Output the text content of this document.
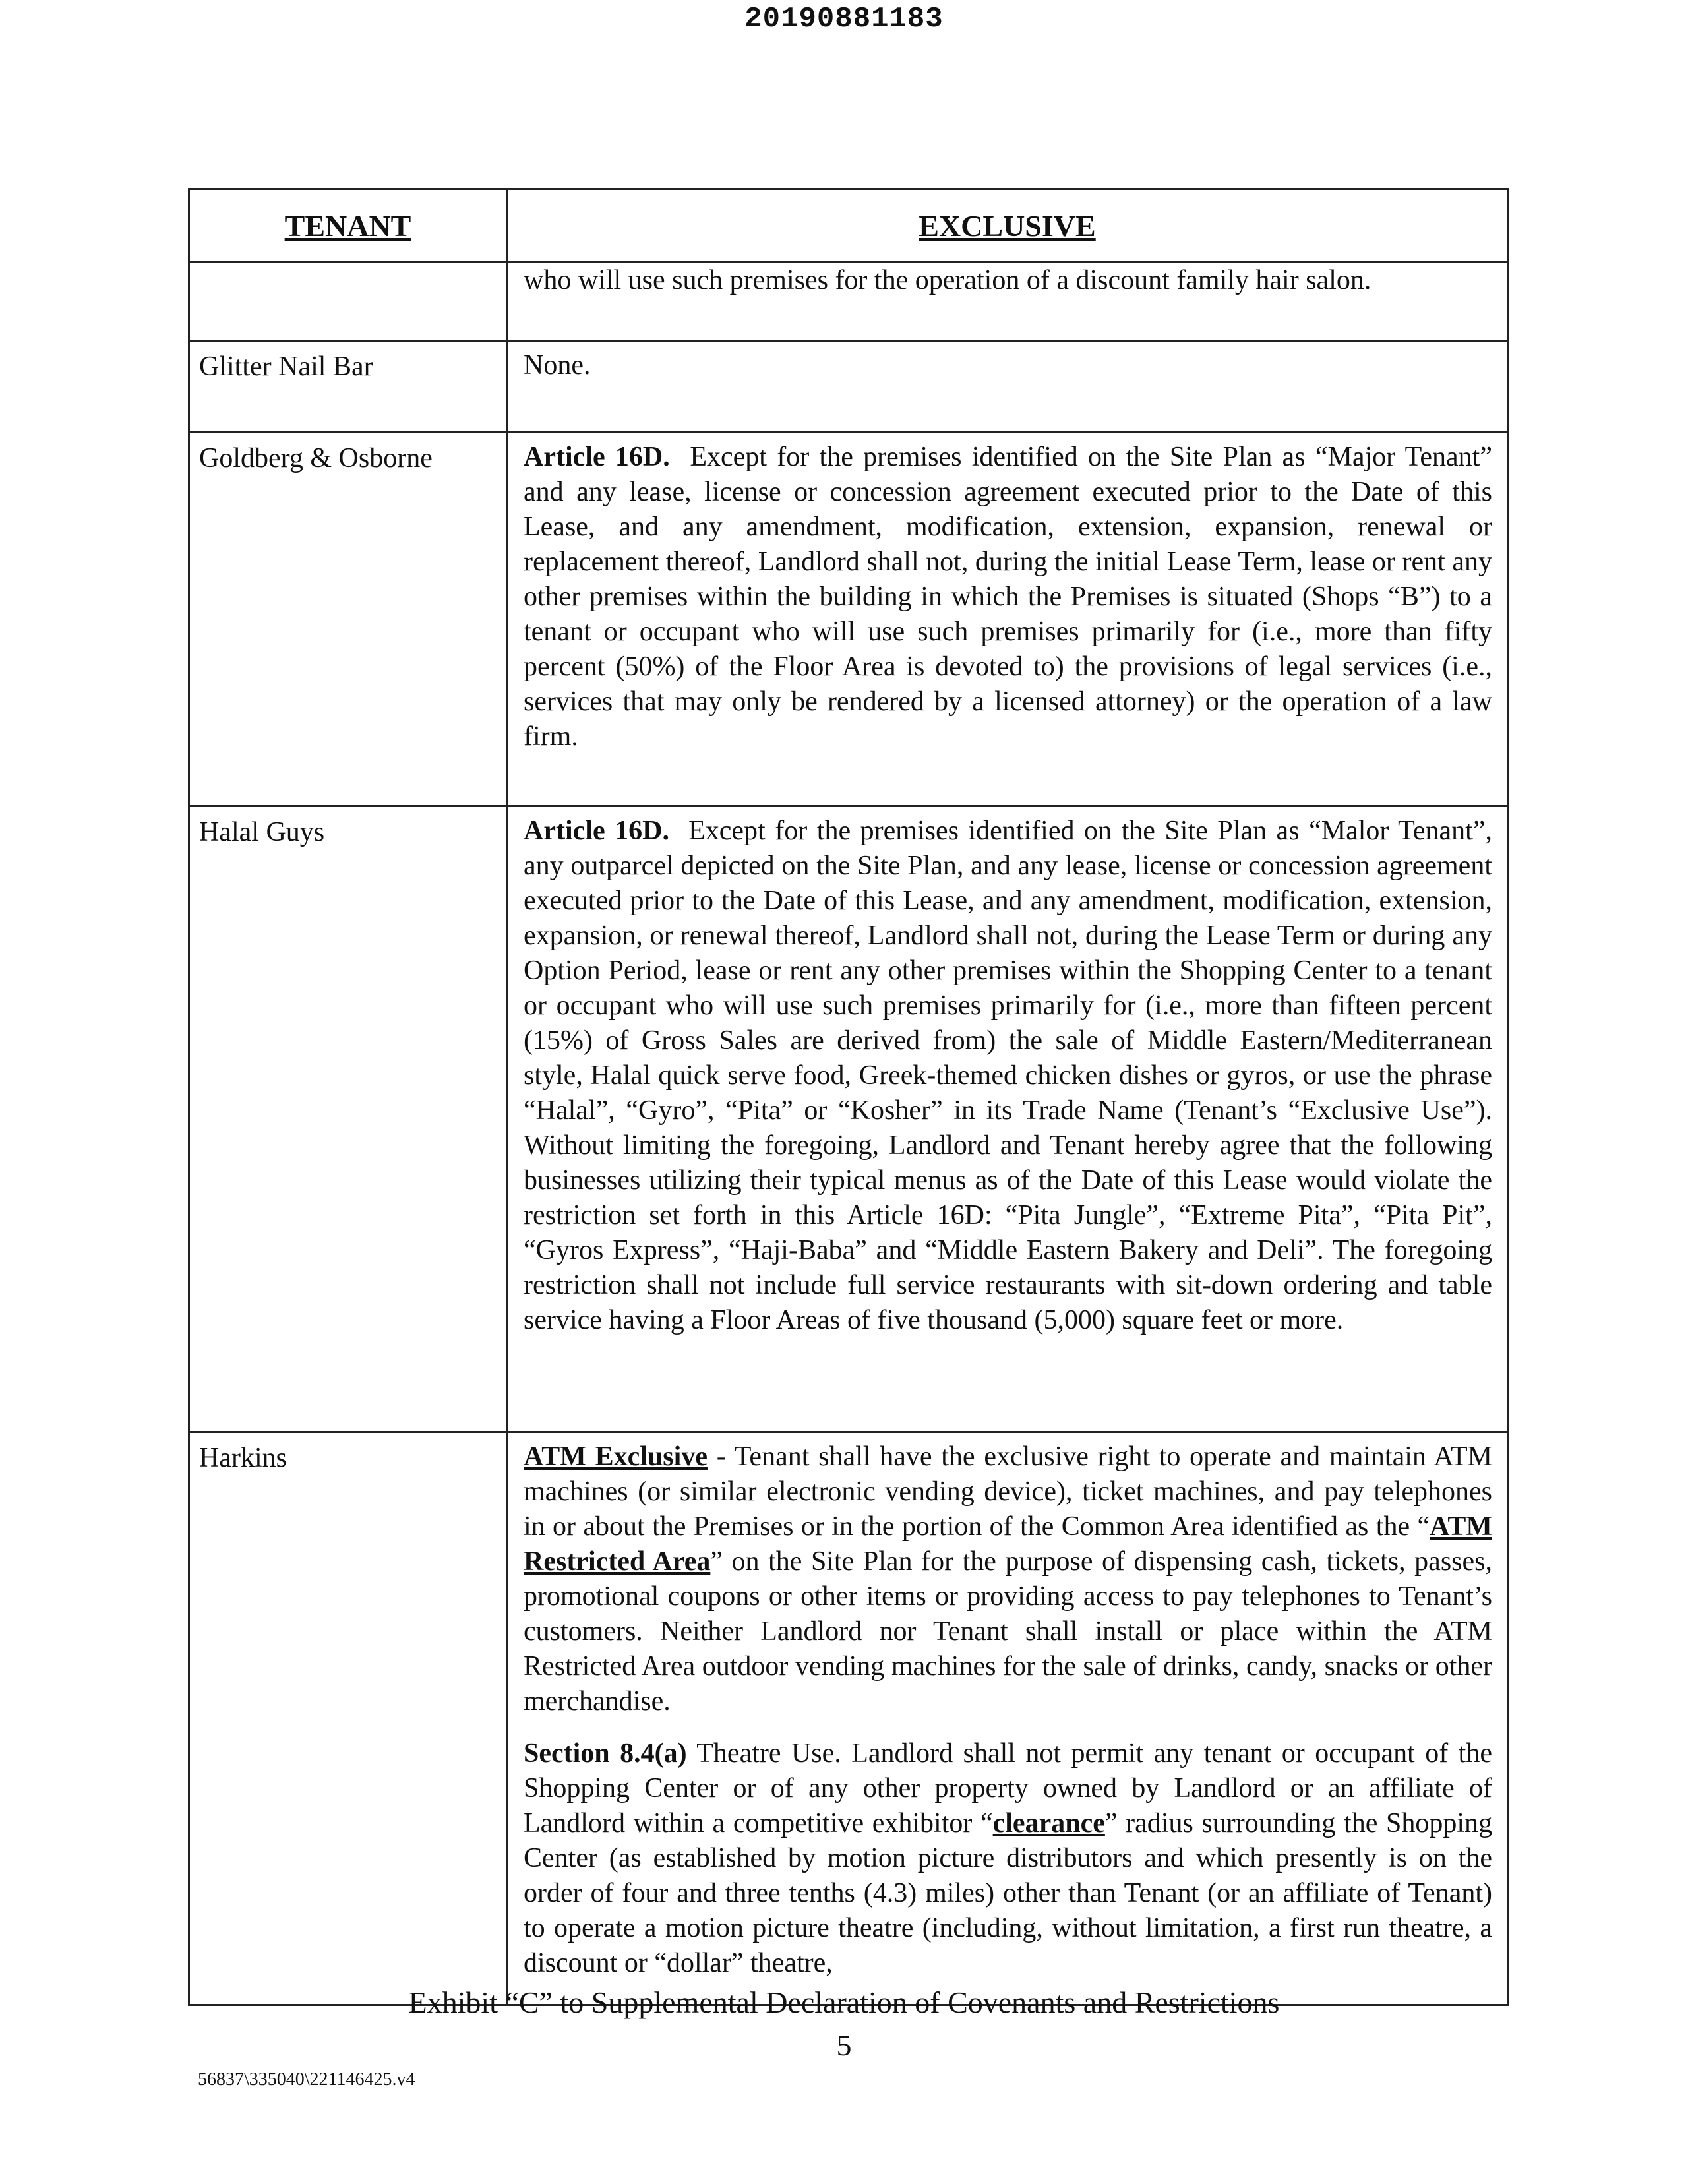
20190881183
TENANT	EXCLUSIVE

	who will use such premises for the operation of a discount family hair salon.

Glitter Nail Bar	None.

Goldberg & Osborne	Article 16D. Except for the premises identified on the Site Plan as “Major Tenant” and any lease, license or concession agreement executed prior to the Date of this Lease, and any amendment, modification, extension, expansion, renewal or replacement thereof, Landlord shall not, during the initial Lease Term, lease or rent any other premises within the building in which the Premises is situated (Shops “B”) to a tenant or occupant who will use such premises primarily for (i.e., more than fifty percent (50%) of the Floor Area is devoted to) the provisions of legal services (i.e., services that may only be rendered by a licensed attorney) or the operation of a law firm.

Halal Guys	Article 16D. Except for the premises identified on the Site Plan as “Malor Tenant”, any outparcel depicted on the Site Plan, and any lease, license or concession agreement executed prior to the Date of this Lease, and any amendment, modification, extension, expansion, or renewal thereof, Landlord shall not, during the Lease Term or during any Option Period, lease or rent any other premises within the Shopping Center to a tenant or occupant who will use such premises primarily for (i.e., more than fifteen percent (15%) of Gross Sales are derived from) the sale of Middle Eastern/Mediterranean style, Halal quick serve food, Greek-themed chicken dishes or gyros, or use the phrase “Halal”, “Gyro”, “Pita” or “Kosher” in its Trade Name (Tenant’s “Exclusive Use”). Without limiting the foregoing, Landlord and Tenant hereby agree that the following businesses utilizing their typical menus as of the Date of this Lease would violate the restriction set forth in this Article 16D: “Pita Jungle”, “Extreme Pita”, “Pita Pit”, “Gyros Express”, “Haji-Baba” and “Middle Eastern Bakery and Deli”. The foregoing restriction shall not include full service restaurants with sit-down ordering and table service having a Floor Areas of five thousand (5,000) square feet or more.

Harkins	ATM Exclusive - Tenant shall have the exclusive right to operate and maintain ATM machines (or similar electronic vending device), ticket machines, and pay telephones in or about the Premises or in the portion of the Common Area identified as the “ATM Restricted Area” on the Site Plan for the purpose of dispensing cash, tickets, passes, promotional coupons or other items or providing access to pay telephones to Tenant’s customers. Neither Landlord nor Tenant shall install or place within the ATM Restricted Area outdoor vending machines for the sale of drinks, candy, snacks or other merchandise.

Section 8.4(a) Theatre Use. Landlord shall not permit any tenant or occupant of the Shopping Center or of any other property owned by Landlord or an affiliate of Landlord within a competitive exhibitor “clearance” radius surrounding the Shopping Center (as established by motion picture distributors and which presently is on the order of four and three tenths (4.3) miles) other than Tenant (or an affiliate of Tenant) to operate a motion picture theatre (including, without limitation, a first run theatre, a discount or “dollar” theatre,

Exhibit “C” to Supplemental Declaration of Covenants and Restrictions
5
56837\335040\221146425.v4
